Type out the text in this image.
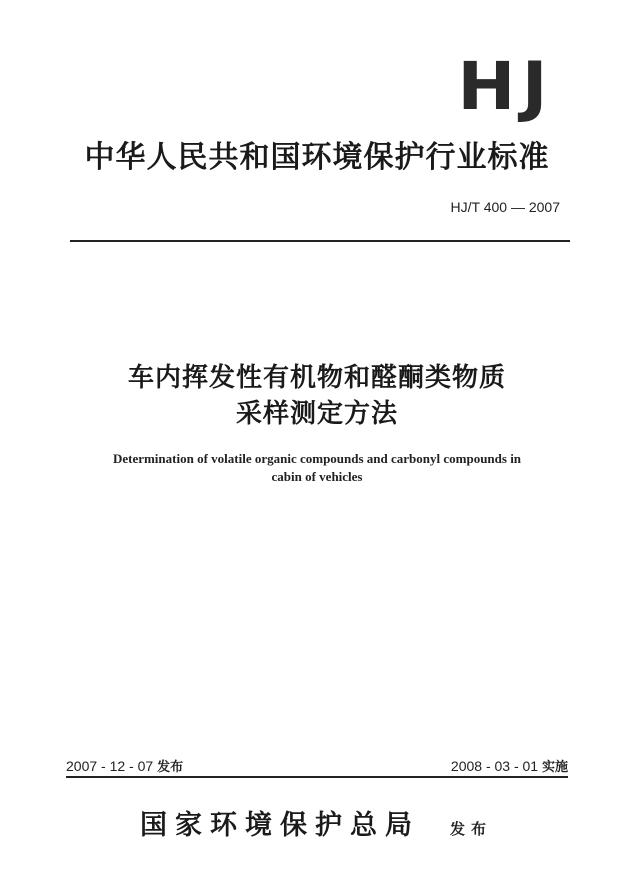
HJ
中华人民共和国环境保护行业标准
HJ/T 400 — 2007
车内挥发性有机物和醛酮类物质
采样测定方法
Determination of volatile organic compounds and carbonyl compounds in
cabin of vehicles
2007 - 12 - 07 发布	2008 - 03 - 01 实施
国家环境保护总局 发布
